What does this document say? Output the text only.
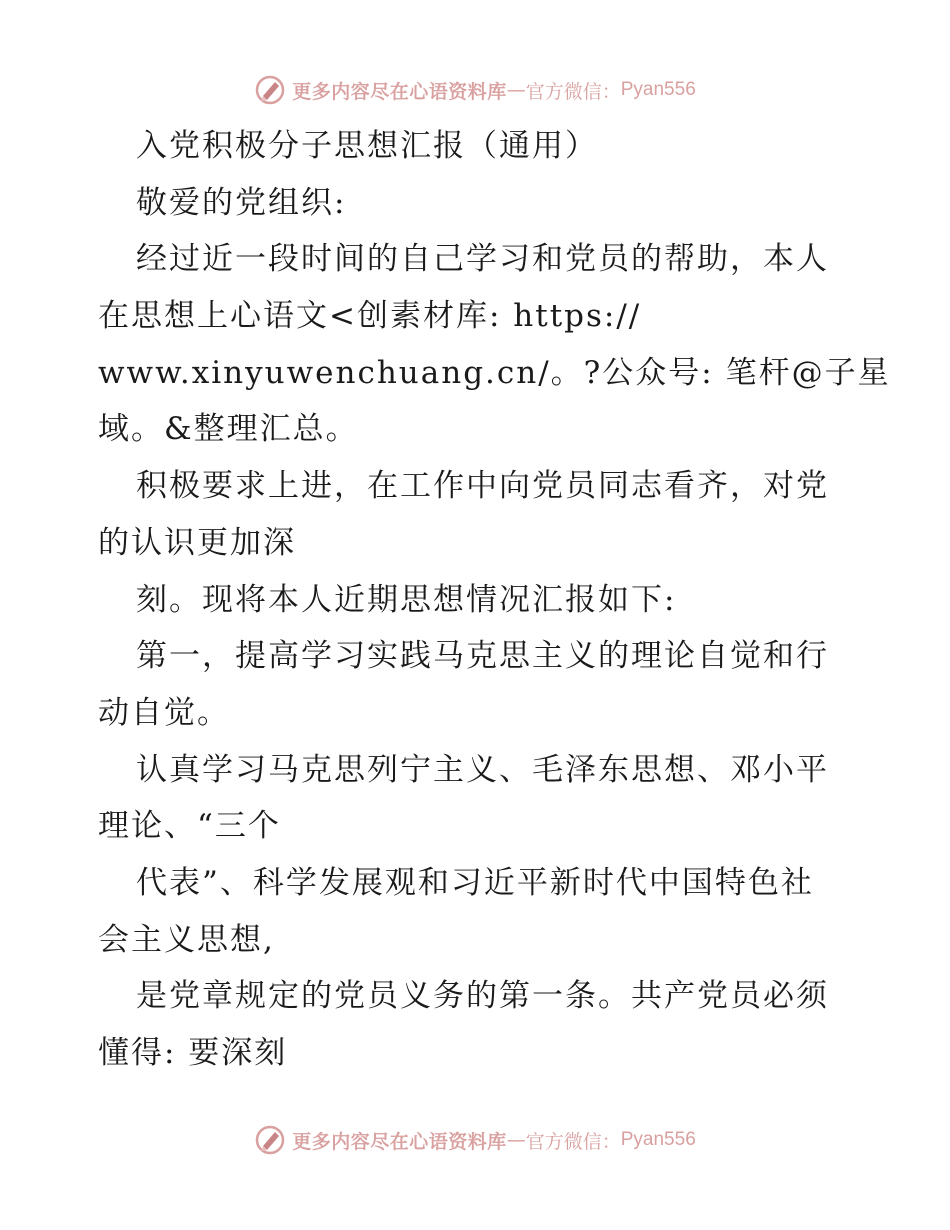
更多内容尽在心语资料库 — 官方微信： Pyan556
入党积极分子思想汇报（通用）
敬爱的党组织:
经过近一段时间的自己学习和党员的帮助，本人
在思想上心语文<创素材库: https://
www.xinyuwenchuang.cn/。?公众号: 笔杆@子星
域。&整理汇总。
积极要求上进，在工作中向党员同志看齐，对党
的认识更加深
刻。现将本人近期思想情况汇报如下:
第一，提高学习实践马克思主义的理论自觉和行
动自觉。
认真学习马克思列宁主义、毛泽东思想、邓小平
理论、“三个
代表”、科学发展观和习近平新时代中国特色社
会主义思想,
是党章规定的党员义务的第一条。共产党员必须
懂得: 要深刻
更多内容尽在心语资料库 — 官方微信： Pyan556
